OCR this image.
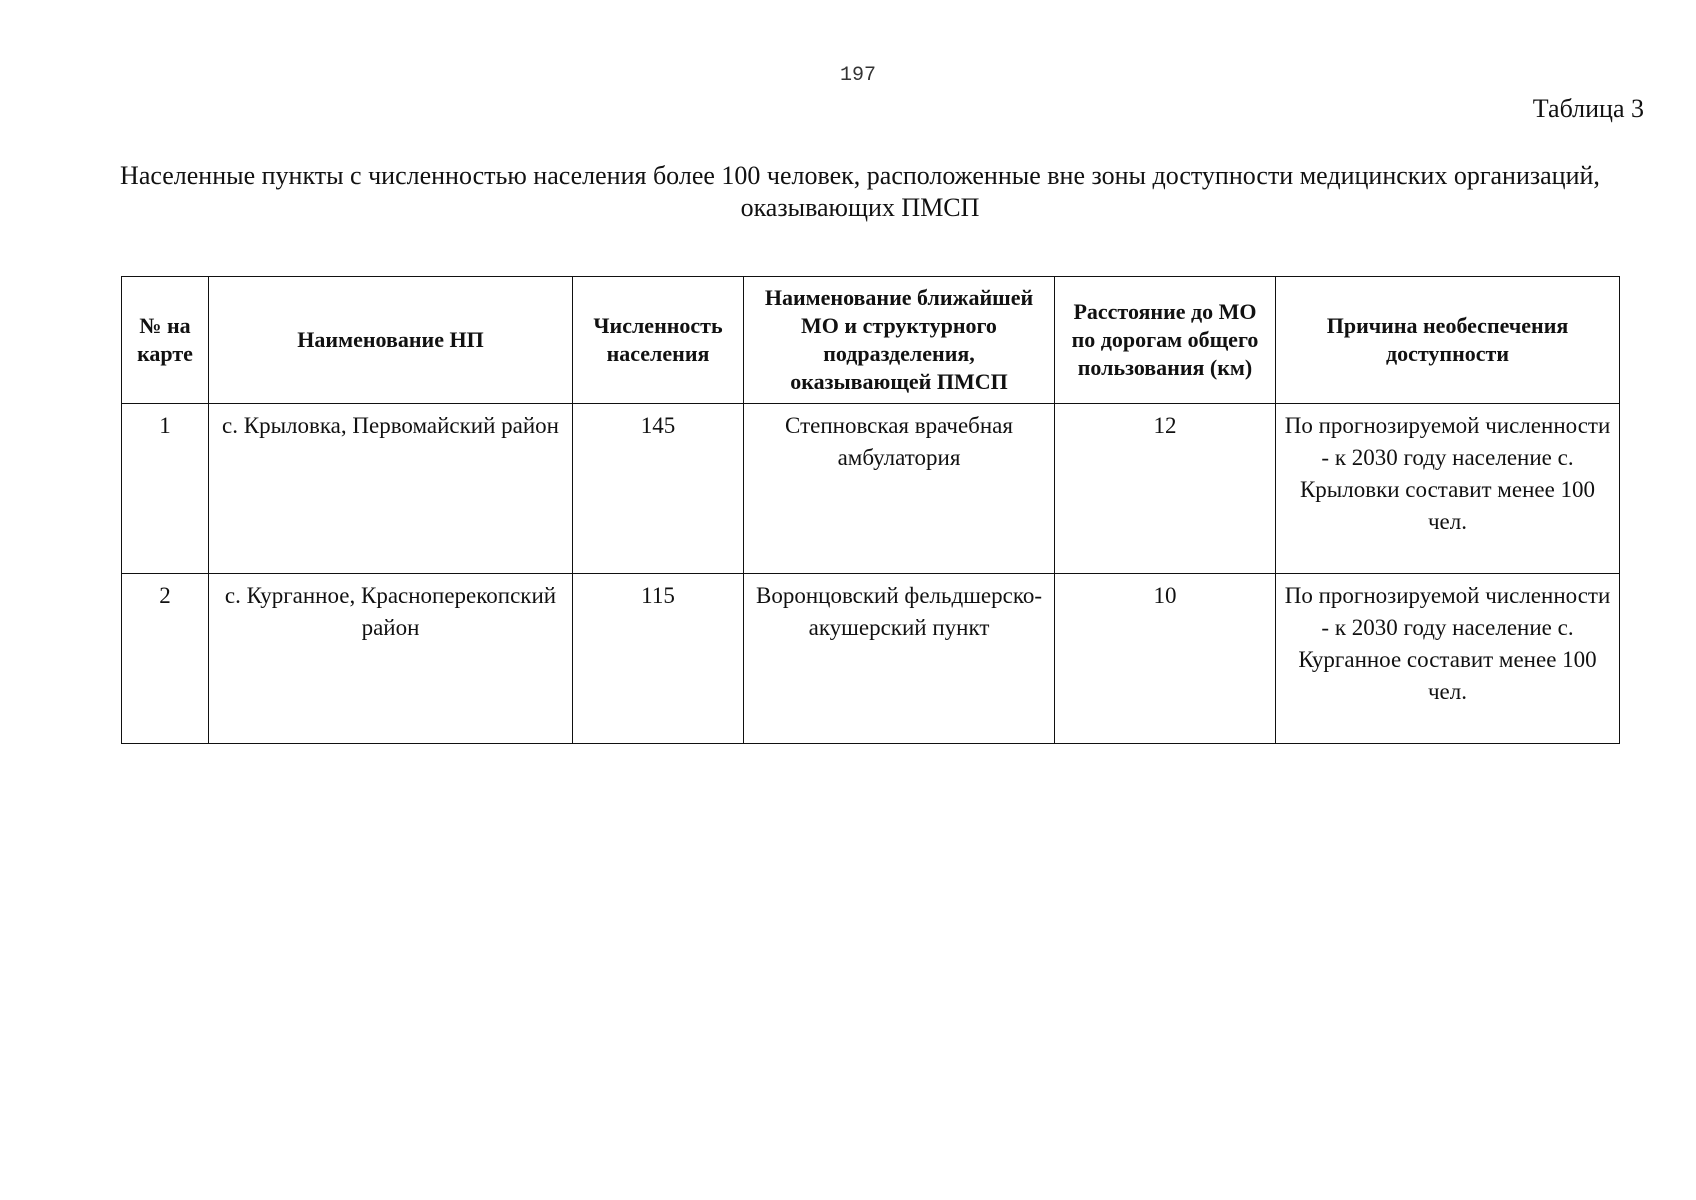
197
Таблица 3
Населенные пункты с численностью населения более 100 человек, расположенные вне зоны доступности медицинских организаций, оказывающих ПМСП
№ на карте	Наименование НП	Численность населения	Наименование ближайшей МО и структурного подразделения, оказывающей ПМСП	Расстояние до МО по дорогам общего пользования (км)	Причина необеспечения доступности
1	с. Крыловка, Первомайский район	145	Степновская врачебная амбулатория	12	По прогнозируемой численности - к 2030 году население с. Крыловки составит менее 100 чел.
2	с. Курганное, Красноперекопский район	115	Воронцовский фельдшерско-акушерский пункт	10	По прогнозируемой численности - к 2030 году население с. Курганное составит менее 100 чел.
